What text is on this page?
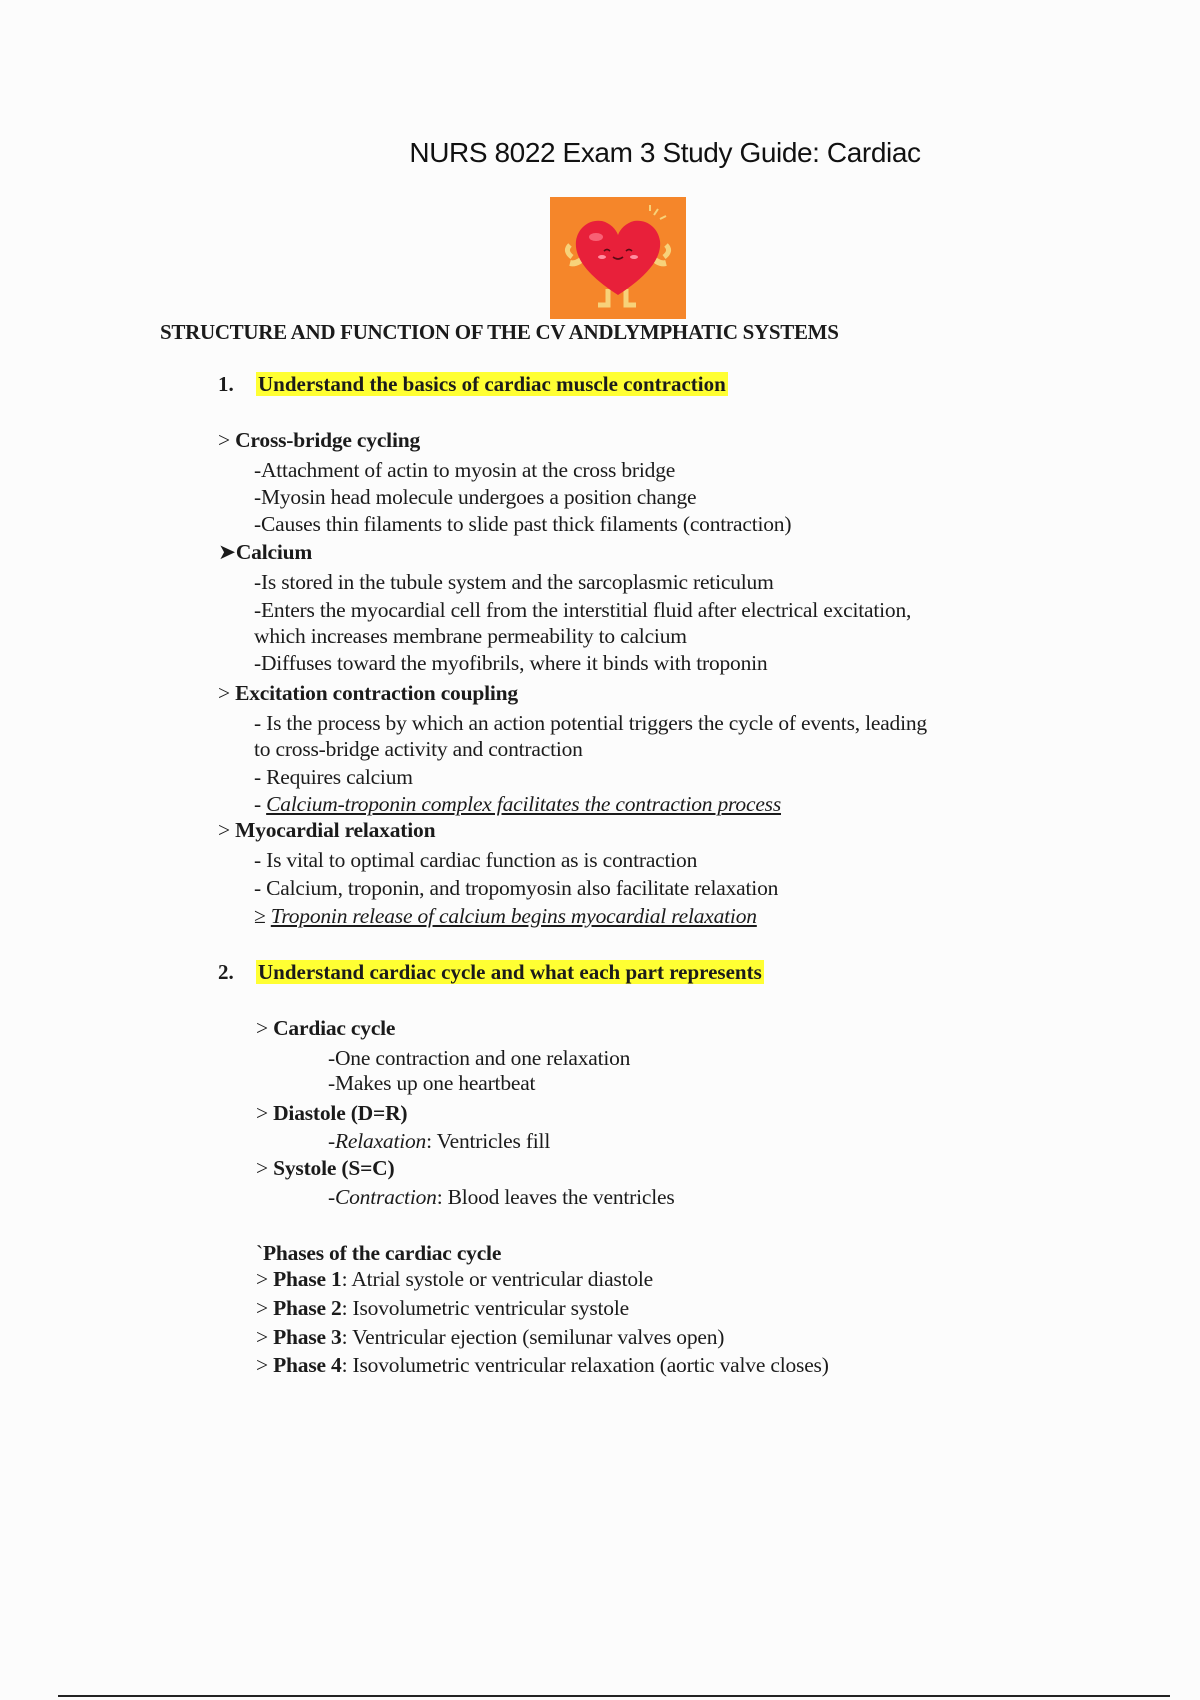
NURS 8022 Exam 3 Study Guide: Cardiac
STRUCTURE AND FUNCTION OF THE CV ANDLYMPHATIC SYSTEMS
1. Understand the basics of cardiac muscle contraction
> Cross-bridge cycling
-Attachment of actin to myosin at the cross bridge
-Myosin head molecule undergoes a position change
-Causes thin filaments to slide past thick filaments (contraction)
➤Calcium
-Is stored in the tubule system and the sarcoplasmic reticulum
-Enters the myocardial cell from the interstitial fluid after electrical excitation,
which increases membrane permeability to calcium
-Diffuses toward the myofibrils, where it binds with troponin
> Excitation contraction coupling
- Is the process by which an action potential triggers the cycle of events, leading
to cross-bridge activity and contraction
- Requires calcium
- Calcium-troponin complex facilitates the contraction process
> Myocardial relaxation
- Is vital to optimal cardiac function as is contraction
- Calcium, troponin, and tropomyosin also facilitate relaxation
≥ Troponin release of calcium begins myocardial relaxation
2. Understand cardiac cycle and what each part represents
> Cardiac cycle
-One contraction and one relaxation
-Makes up one heartbeat
> Diastole (D=R)
-Relaxation: Ventricles fill
> Systole (S=C)
-Contraction: Blood leaves the ventricles
`Phases of the cardiac cycle
> Phase 1: Atrial systole or ventricular diastole
> Phase 2: Isovolumetric ventricular systole
> Phase 3: Ventricular ejection (semilunar valves open)
> Phase 4: Isovolumetric ventricular relaxation (aortic valve closes)
